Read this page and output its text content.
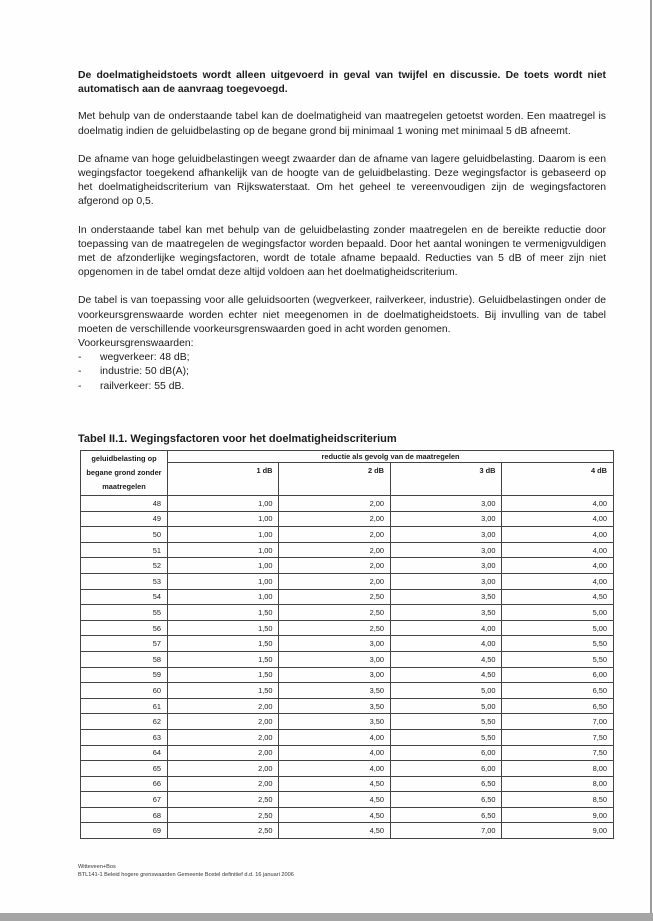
De doelmatigheidstoets wordt alleen uitgevoerd in geval van twijfel en discussie. De toets wordt niet automatisch aan de aanvraag toegevoegd.

Met behulp van de onderstaande tabel kan de doelmatigheid van maatregelen getoetst worden. Een maatregel is doelmatig indien de geluidbelasting op de begane grond bij minimaal 1 woning met minimaal 5 dB afneemt.

De afname van hoge geluidbelastingen weegt zwaarder dan de afname van lagere geluidbelasting. Daarom is een wegingsfactor toegekend afhankelijk van de hoogte van de geluidbelasting. Deze wegingsfactor is gebaseerd op het doelmatigheidscriterium van Rijkswaterstaat. Om het geheel te vereenvoudigen zijn de wegingsfactoren afgerond op 0,5.

In onderstaande tabel kan met behulp van de geluidbelasting zonder maatregelen en de bereikte reductie door toepassing van de maatregelen de wegingsfactor worden bepaald. Door het aantal woningen te vermenigvuldigen met de afzonderlijke wegingsfactoren, wordt de totale afname bepaald. Reducties van 5 dB of meer zijn niet opgenomen in de tabel omdat deze altijd voldoen aan het doelmatigheidscriterium.

De tabel is van toepassing voor alle geluidsoorten (wegverkeer, railverkeer, industrie). Geluidbelastingen onder de voorkeursgrenswaarde worden echter niet meegenomen in de doelmatigheidstoets. Bij invulling van de tabel moeten de verschillende voorkeursgrenswaarden goed in acht worden genomen.
Voorkeursgrenswaarden:
- wegverkeer: 48 dB;
- industrie: 50 dB(A);
- railverkeer: 55 dB.
Tabel II.1. Wegingsfactoren voor het doelmatigheidscriterium
geluidbelasting op begane grond zonder maatregelen	reductie als gevolg van de maatregelen			
	1 dB	2 dB	3 dB	4 dB
48	1,00	2,00	3,00	4,00
49	1,00	2,00	3,00	4,00
50	1,00	2,00	3,00	4,00
51	1,00	2,00	3,00	4,00
52	1,00	2,00	3,00	4,00
53	1,00	2,00	3,00	4,00
54	1,00	2,50	3,50	4,50
55	1,50	2,50	3,50	5,00
56	1,50	2,50	4,00	5,00
57	1,50	3,00	4,00	5,50
58	1,50	3,00	4,50	5,50
59	1,50	3,00	4,50	6,00
60	1,50	3,50	5,00	6,50
61	2,00	3,50	5,00	6,50
62	2,00	3,50	5,50	7,00
63	2,00	4,00	5,50	7,50
64	2,00	4,00	6,00	7,50
65	2,00	4,00	6,00	8,00
66	2,00	4,50	6,50	8,00
67	2,50	4,50	6,50	8,50
68	2,50	4,50	6,50	9,00
69	2,50	4,50	7,00	9,00
Witteveen+Bos
BTL141-1 Beleid hogere grenswaarden Gemeente Boxtel definitief d.d. 16 januari 2006
